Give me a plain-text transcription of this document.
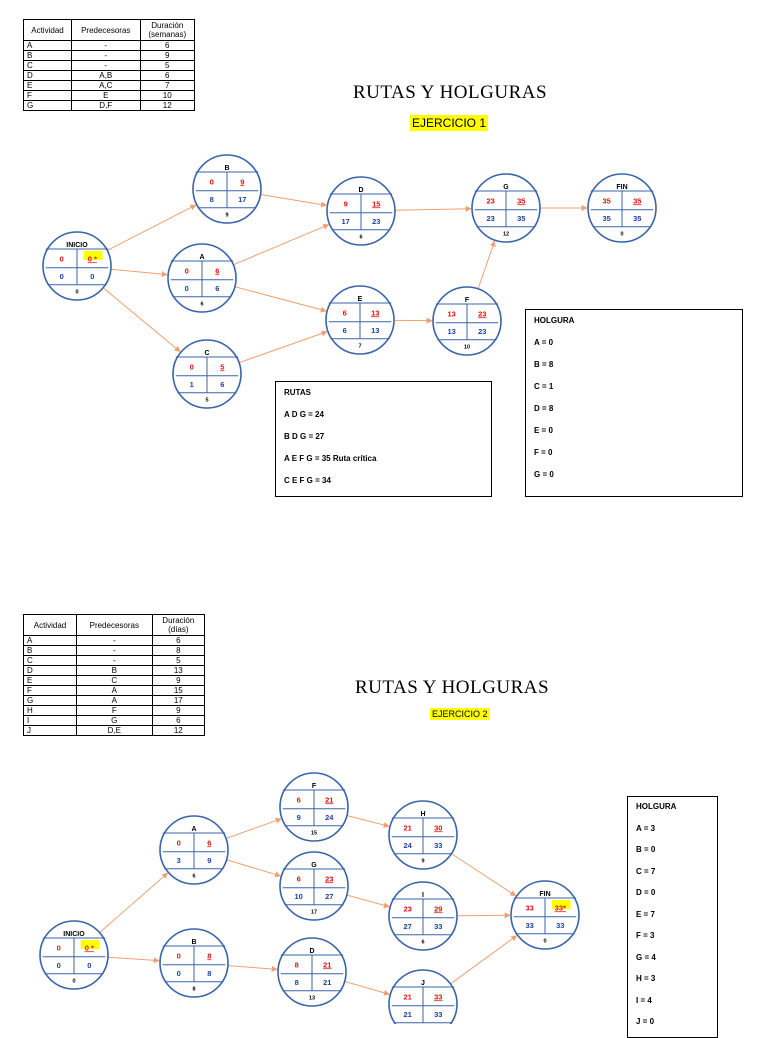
Actividad	Predecesoras	Duración
(semanas)
A	-	6
B	-	9
C	-	5
D	A,B	6
E	A,C	7
F	E	10
G	D,F	12
RUTAS Y HOLGURAS
EJERCICIO 1
INICIO
0	0 *
0	0
0
B
0	9
8	17
9
A
0	6
0	6
6
C
0	5
1	6
5
D
9	15
17	23
6
E
6	13
6	13
7
F
13	23
13	23
10
G
23	35
23	35
12
FIN
35	35
35	35
0
INICIO
0	0 *
0	0
0
A
0	6
3	9
6
B
0	8
0	8
8
F
6	21
9	24
15
G
6	23
10	27
17
D
8	21
8	21
13
H
21	30
24	33
9
I
23	29
27	33
6
J
21	33
21	33
FIN
33	33*
33	33
0
RUTAS
A D G = 24
B D G = 27
A E F G = 35 Ruta crítica
C E F G = 34
HOLGURA
A = 0
B = 8
C = 1
D = 8
E = 0
F = 0
G = 0
Actividad	Predecesoras	Duración
(días)
A	-	6
B	-	8
C	-	5
D	B	13
E	C	9
F	A	15
G	A	17
H	F	9
I	G	6
J	D,E	12
RUTAS Y HOLGURAS
EJERCICIO 2
HOLGURA
A = 3
B = 0
C = 7
D = 0
E = 7
F = 3
G = 4
H = 3
I = 4
J = 0
